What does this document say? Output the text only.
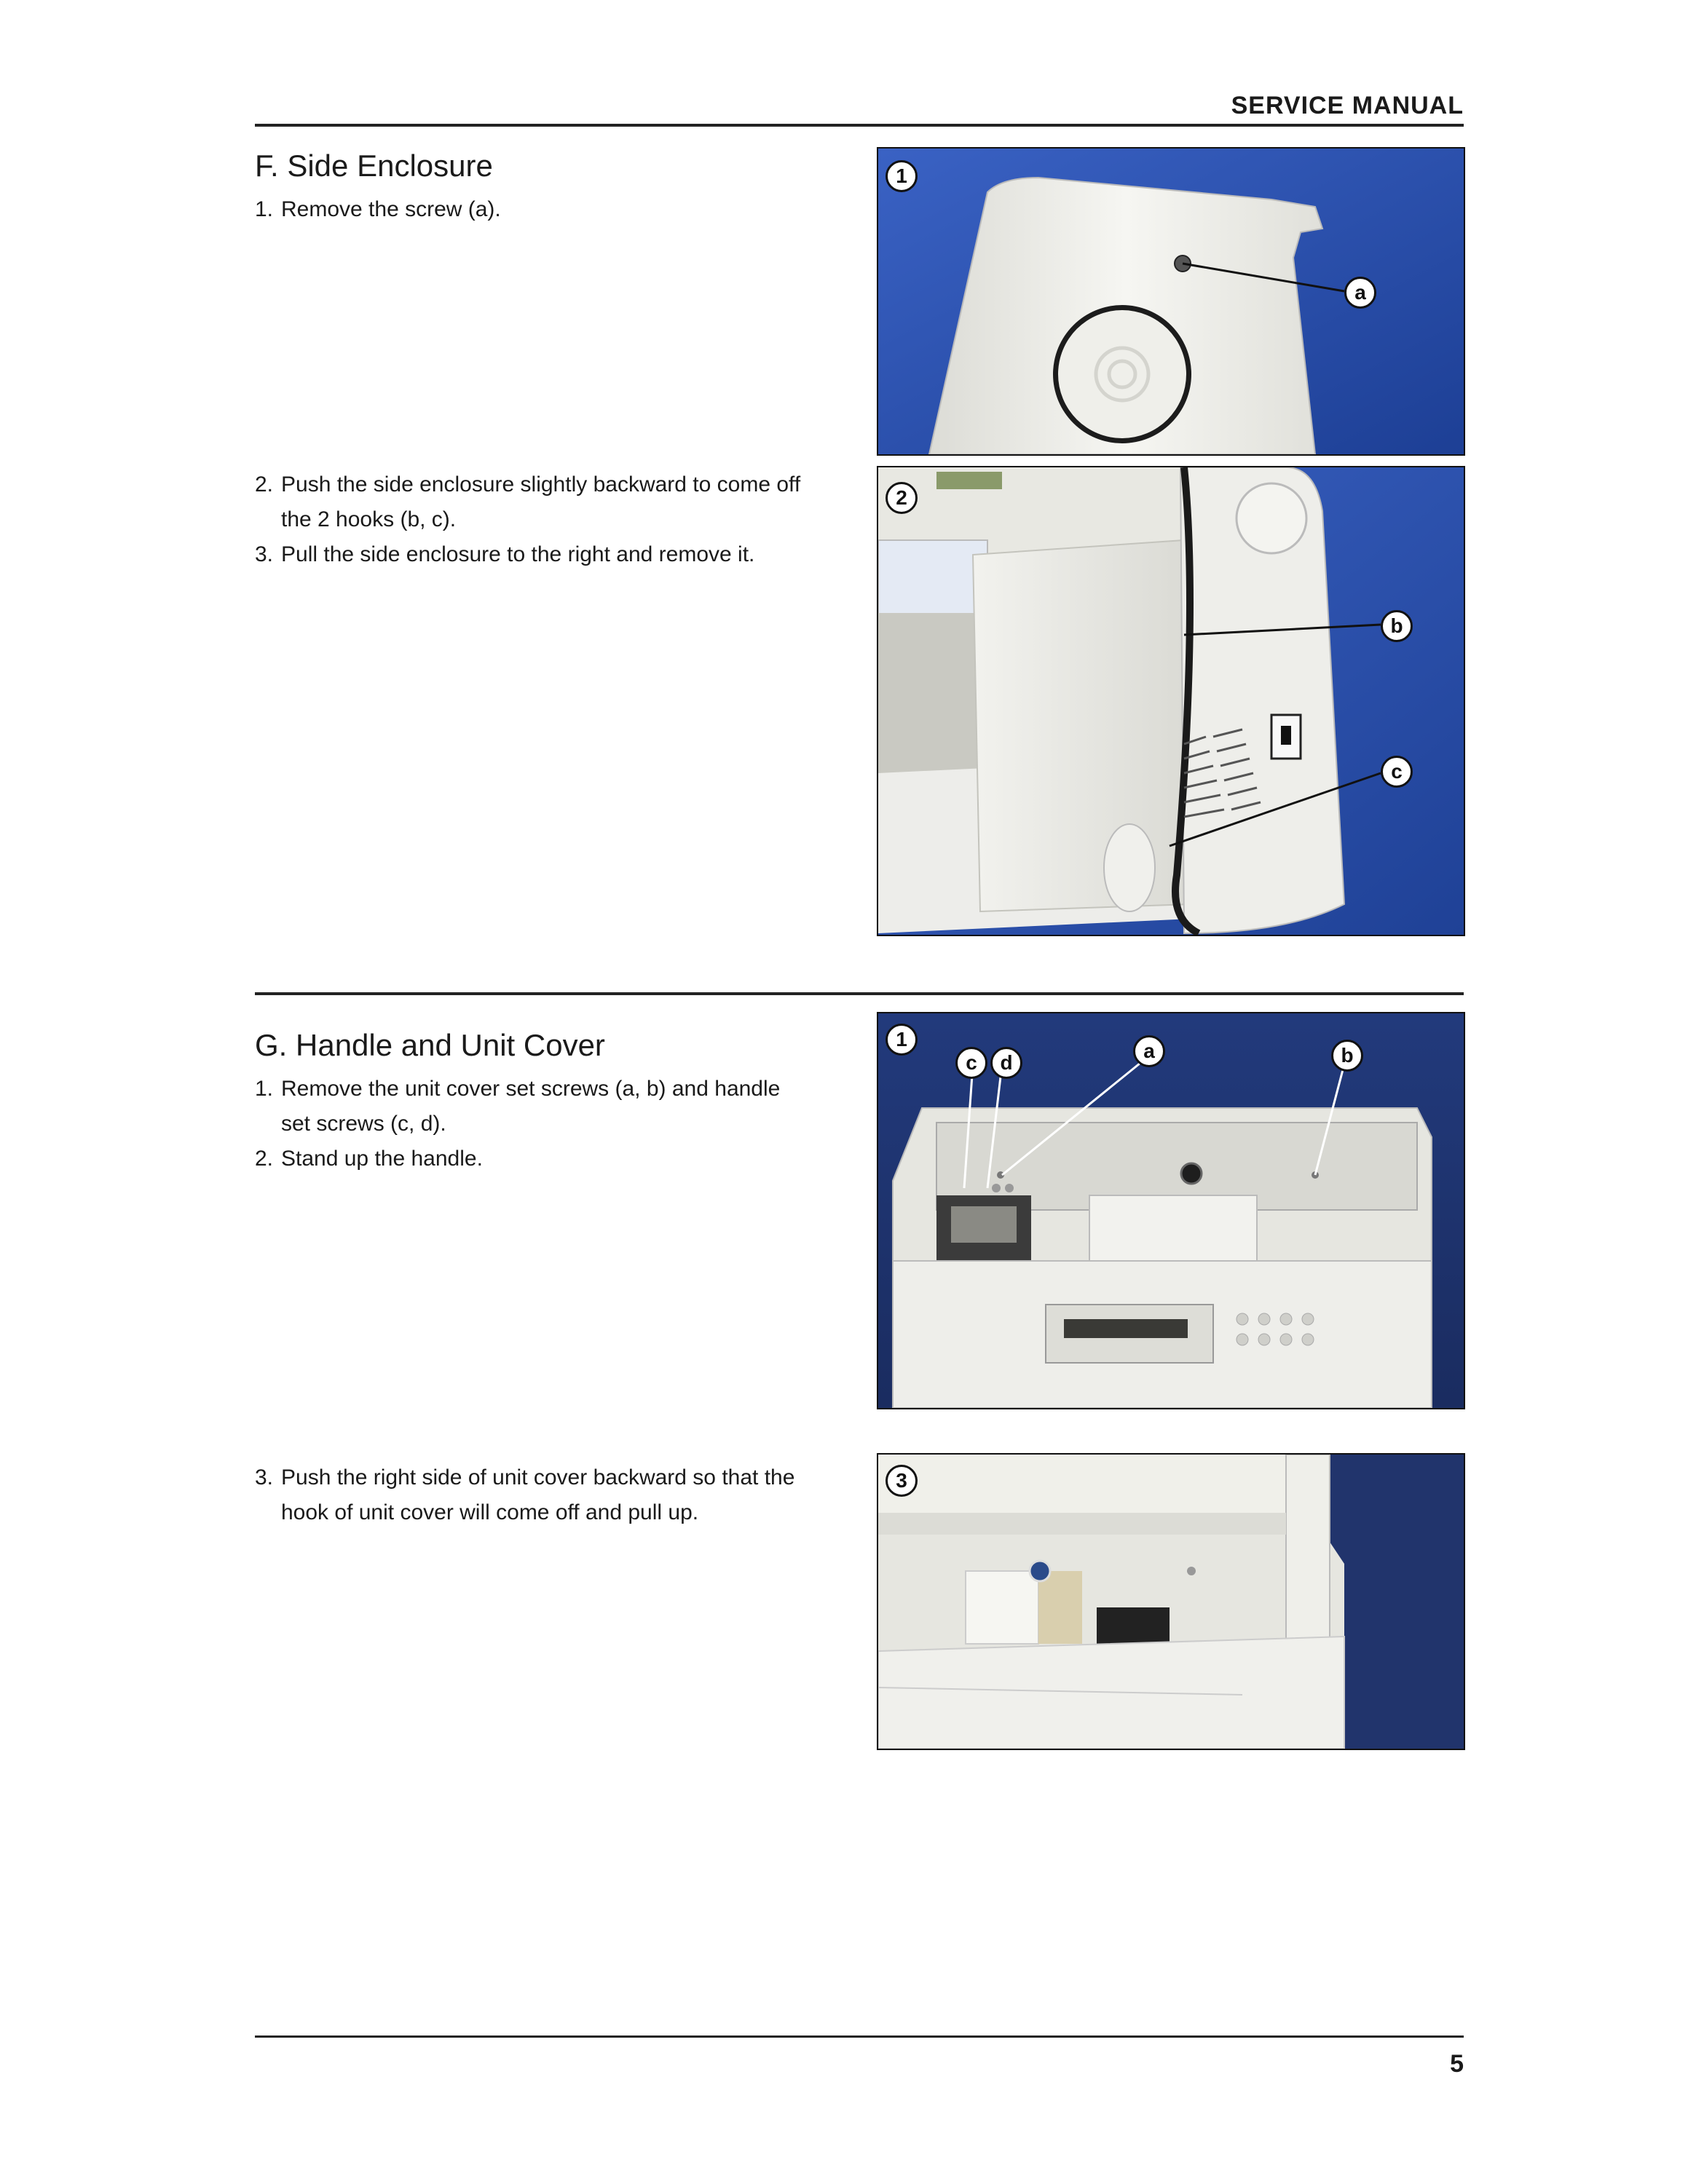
SERVICE MANUAL
F. Side Enclosure
1. Remove the screw (a).
2. Push the side enclosure slightly backward to come off
the 2 hooks (b, c).
3. Pull the side enclosure to the right and remove it.
1
a
2
b
c
G. Handle and Unit Cover
1. Remove the unit cover set screws (a, b) and handle
set screws (c, d).
2. Stand up the handle.
3. Push the right side of unit cover backward so that the
hook of unit cover will come off and pull up.
1
c	d
a	b
3
5
